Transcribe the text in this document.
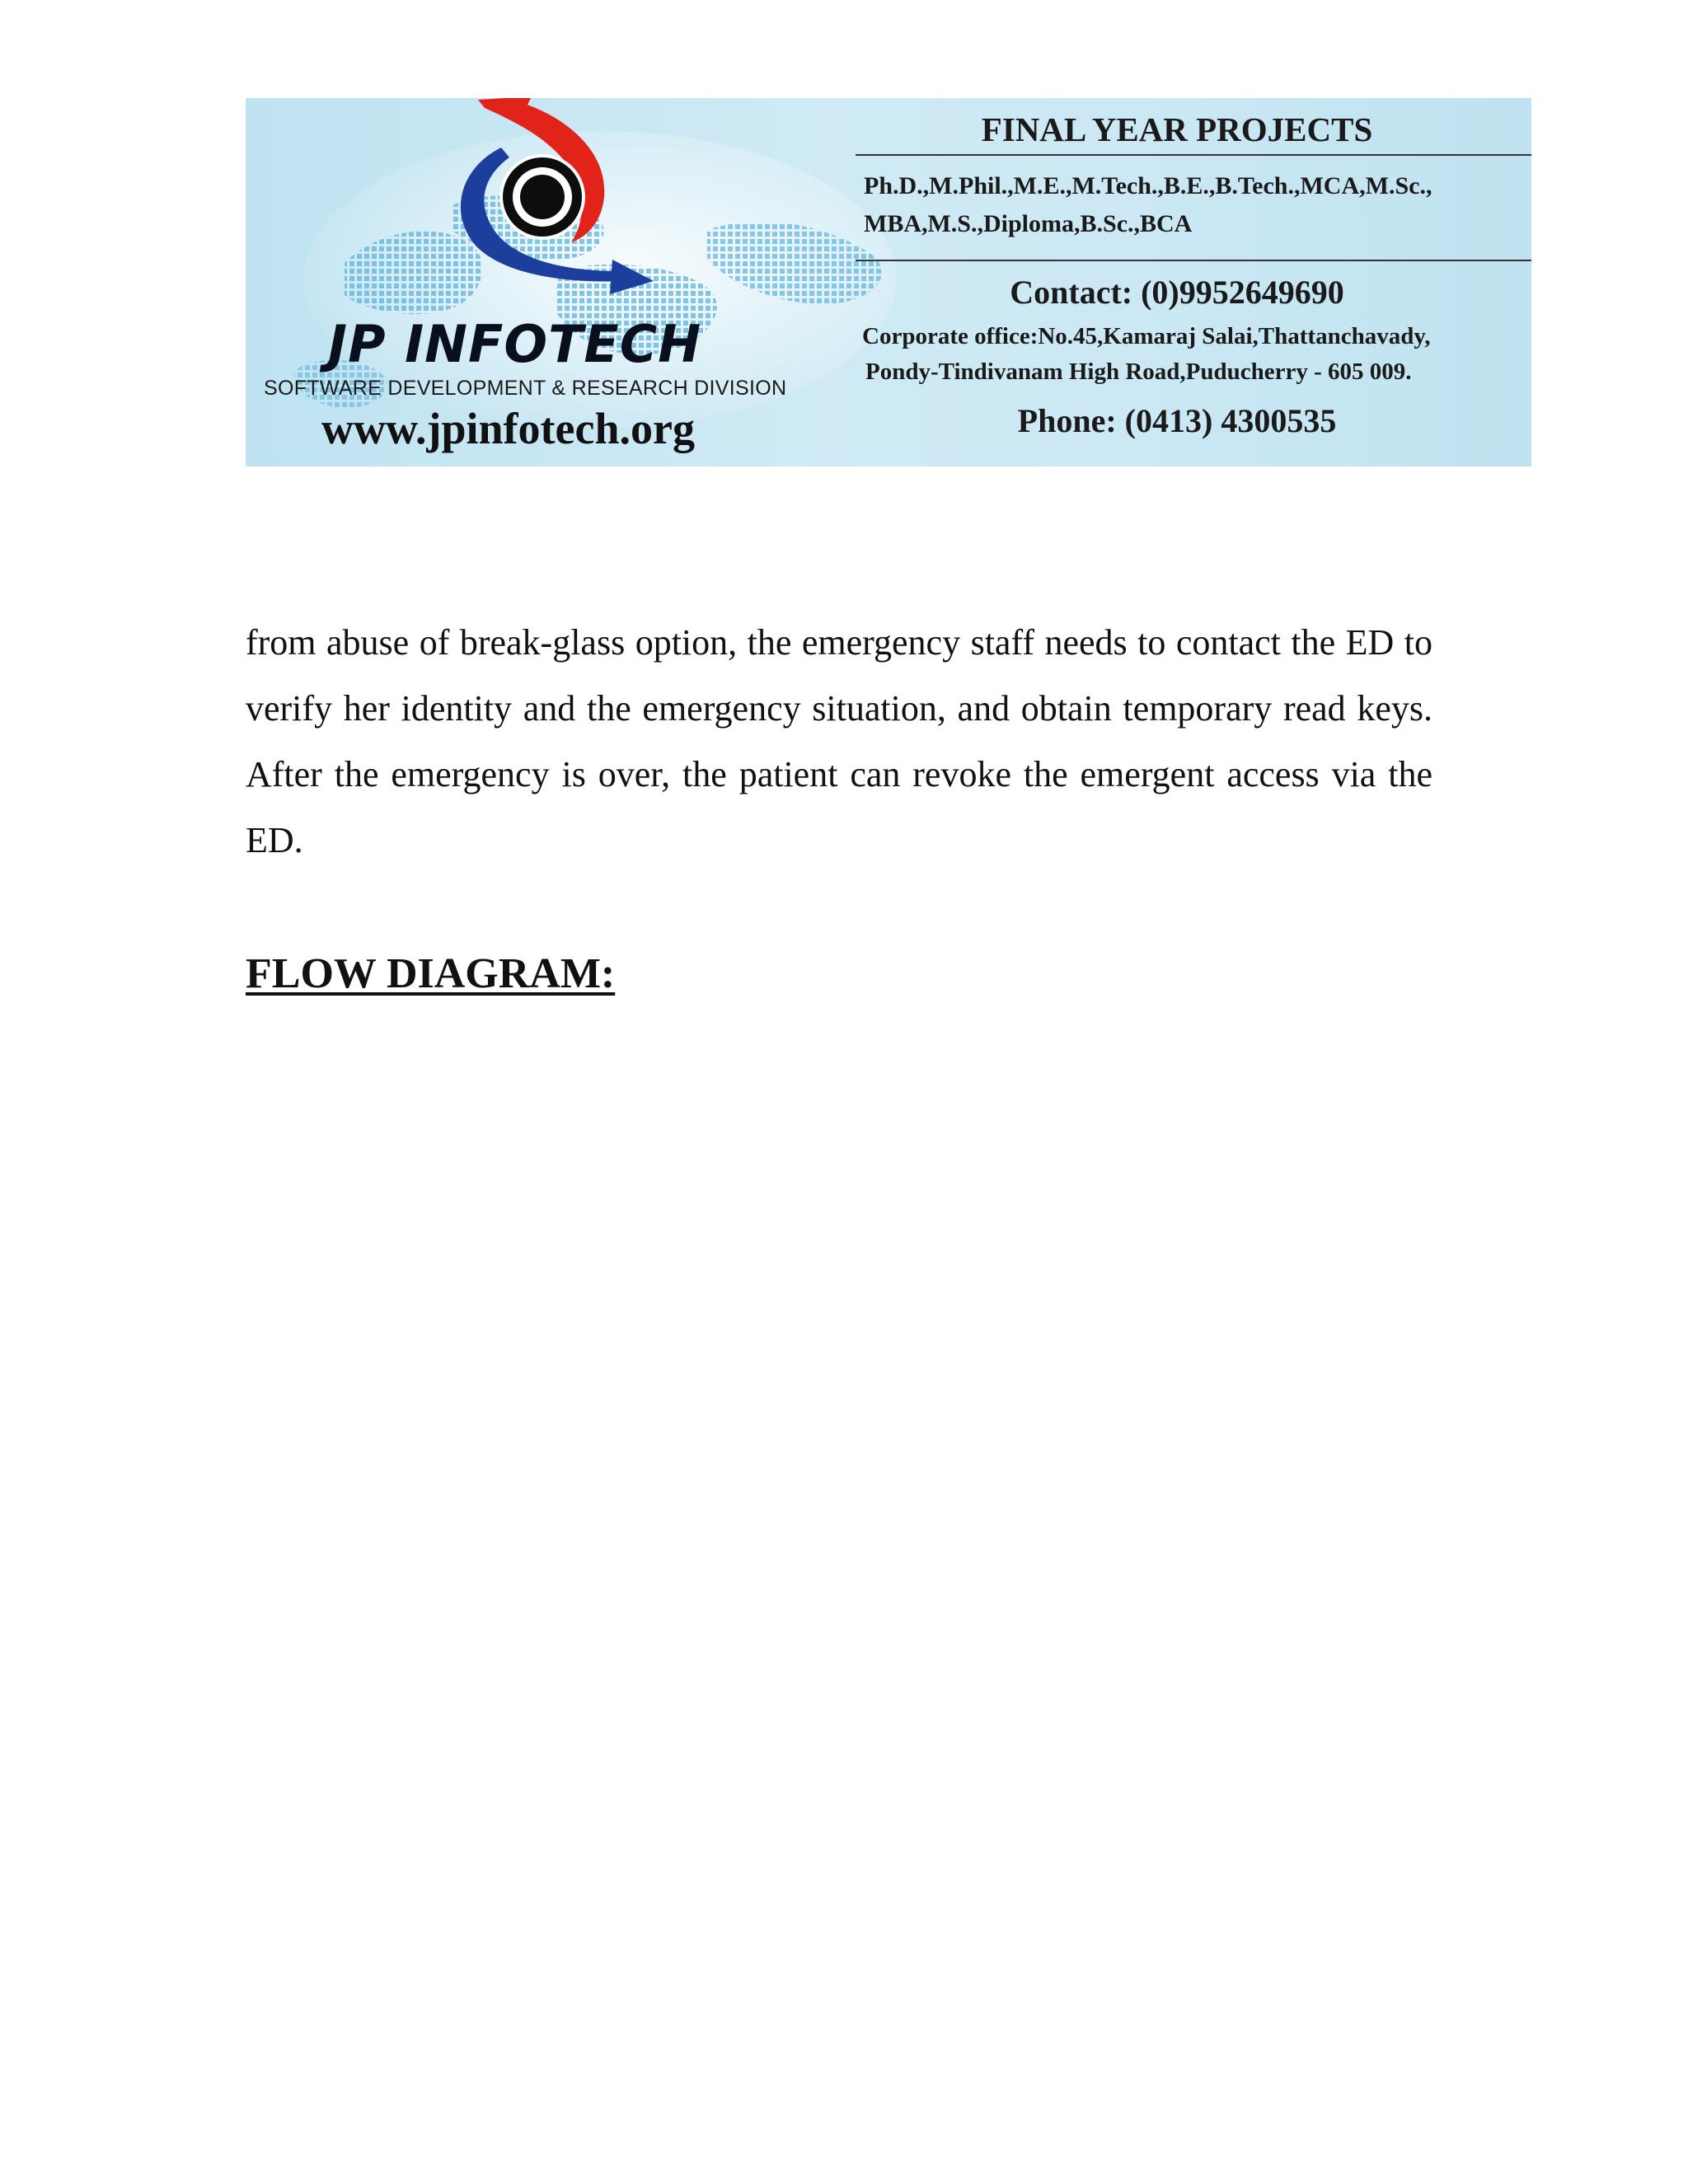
JP INFOTECH
SOFTWARE DEVELOPMENT & RESEARCH DIVISION
www.jpinfotech.org
FINAL YEAR PROJECTS
Ph.D.,M.Phil.,M.E.,M.Tech.,B.E.,B.Tech.,MCA,M.Sc.,
MBA,M.S.,Diploma,B.Sc.,BCA
Contact: (0)9952649690
Corporate office:No.45,Kamaraj Salai,Thattanchavady,
Pondy-Tindivanam High Road,Puducherry - 605 009.
Phone: (0413) 4300535

from abuse of break-glass option, the emergency staff needs to contact the ED to verify her identity and the emergency situation, and obtain temporary read keys. After the emergency is over, the patient can revoke the emergent access via the ED.

FLOW DIAGRAM:
